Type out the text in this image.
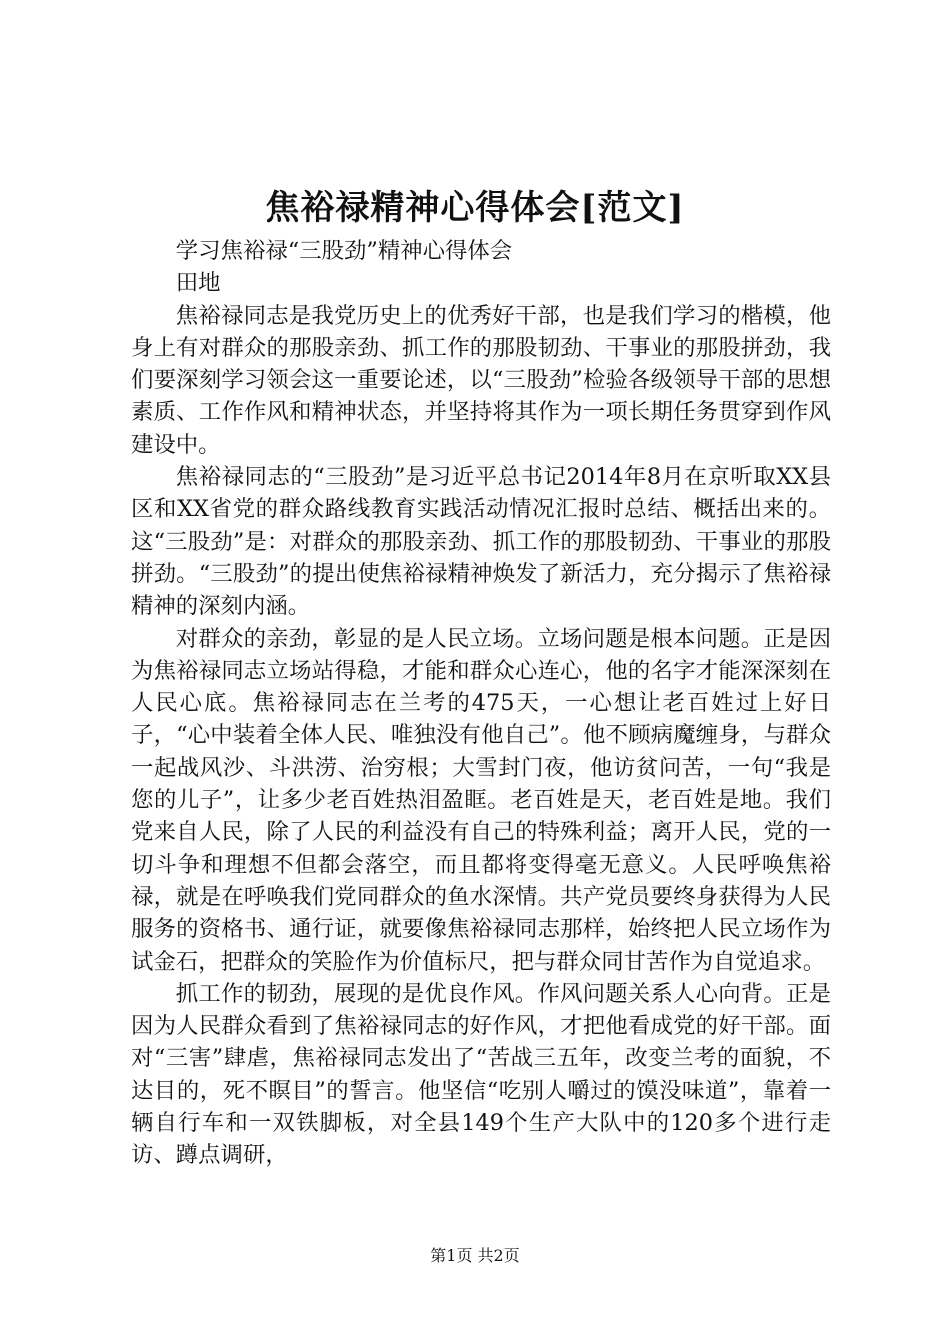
焦裕禄精神心得体会[范文]

学习焦裕禄“三股劲”精神心得体会

田地

焦裕禄同志是我党历史上的优秀好干部，也是我们学习的楷模，他身上有对群众的那股亲劲、抓工作的那股韧劲、干事业的那股拼劲，我们要深刻学习领会这一重要论述，以“三股劲”检验各级领导干部的思想素质、工作作风和精神状态，并坚持将其作为一项长期任务贯穿到作风建设中。

焦裕禄同志的“三股劲”是习近平总书记2014年8月在京听取XX县区和XX省党的群众路线教育实践活动情况汇报时总结、概括出来的。这“三股劲”是：对群众的那股亲劲、抓工作的那股韧劲、干事业的那股拼劲。“三股劲”的提出使焦裕禄精神焕发了新活力，充分揭示了焦裕禄精神的深刻内涵。

对群众的亲劲，彰显的是人民立场。立场问题是根本问题。正是因为焦裕禄同志立场站得稳，才能和群众心连心，他的名字才能深深刻在人民心底。焦裕禄同志在兰考的475天，一心想让老百姓过上好日子，“心中装着全体人民、唯独没有他自己”。他不顾病魔缠身，与群众一起战风沙、斗洪涝、治穷根；大雪封门夜，他访贫问苦，一句“我是您的儿子”，让多少老百姓热泪盈眶。老百姓是天，老百姓是地。我们党来自人民，除了人民的利益没有自己的特殊利益；离开人民，党的一切斗争和理想不但都会落空，而且都将变得毫无意义。人民呼唤焦裕禄，就是在呼唤我们党同群众的鱼水深情。共产党员要终身获得为人民服务的资格书、通行证，就要像焦裕禄同志那样，始终把人民立场作为试金石，把群众的笑脸作为价值标尺，把与群众同甘苦作为自觉追求。

抓工作的韧劲，展现的是优良作风。作风问题关系人心向背。正是因为人民群众看到了焦裕禄同志的好作风，才把他看成党的好干部。面对“三害”肆虐，焦裕禄同志发出了“苦战三五年，改变兰考的面貌，不达目的，死不瞑目”的誓言。他坚信“吃别人嚼过的馍没味道”，靠着一辆自行车和一双铁脚板，对全县149个生产大队中的120多个进行走访、蹲点调研，

第1页 共2页
